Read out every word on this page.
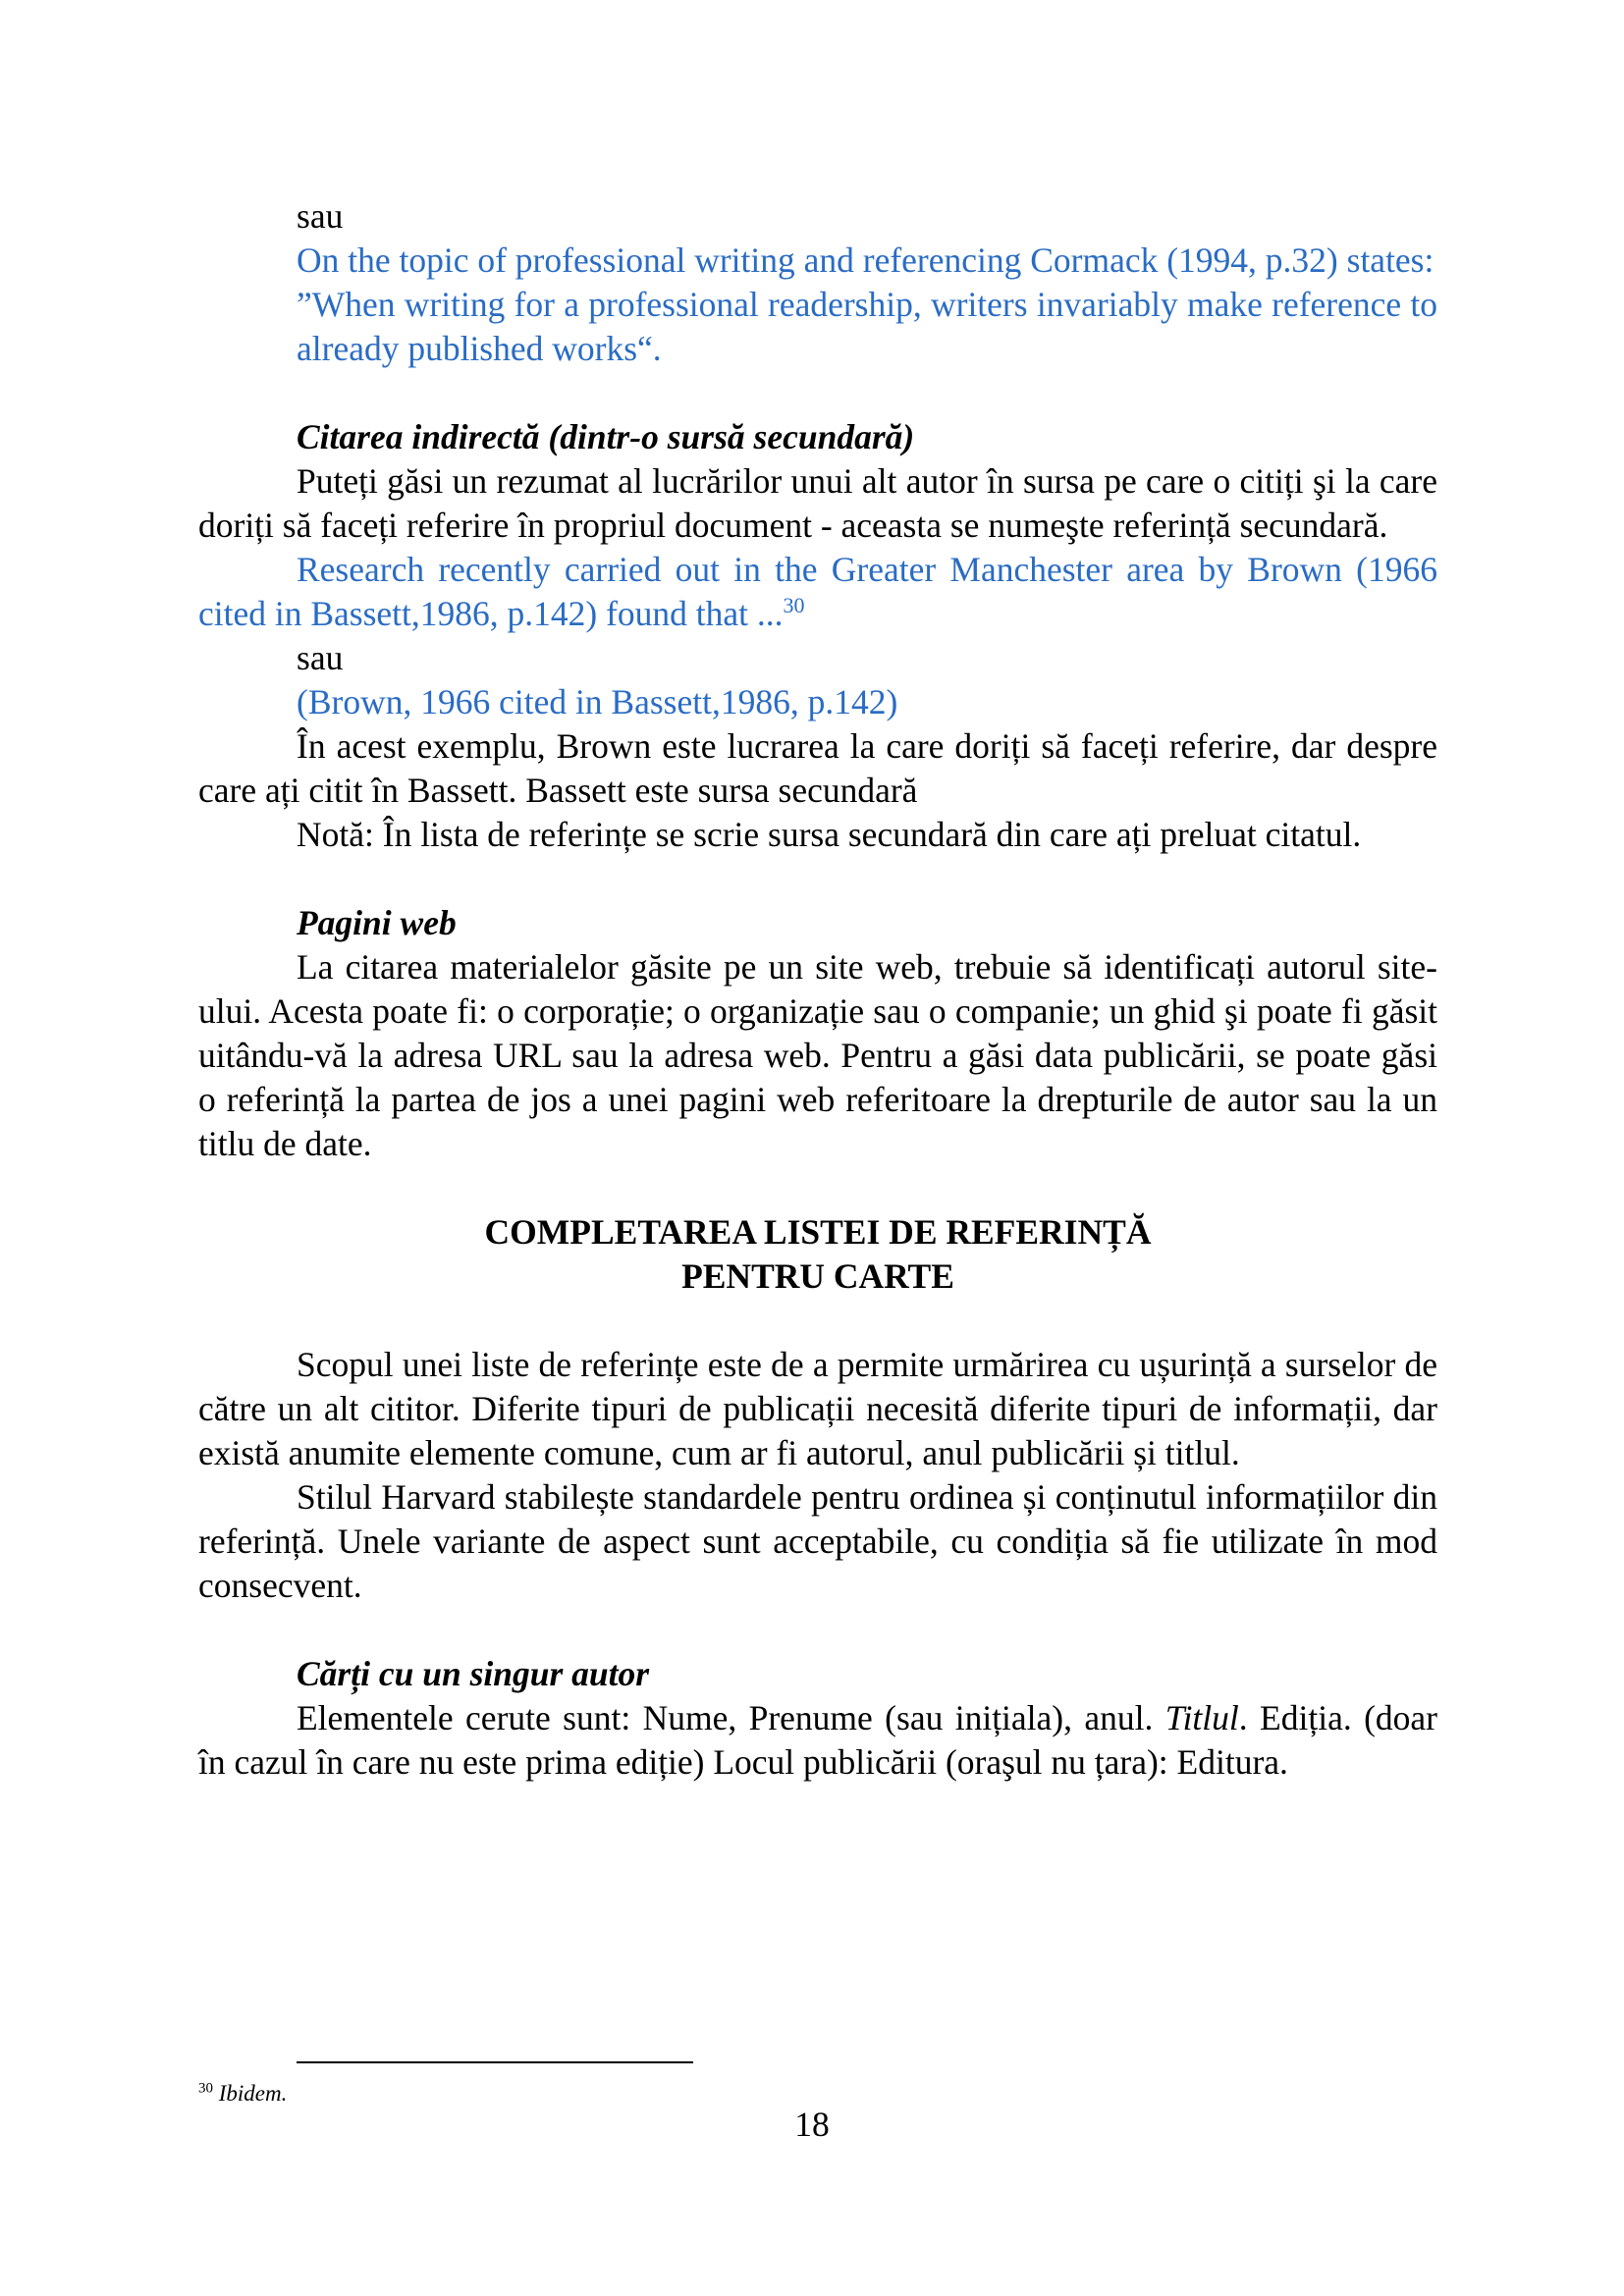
sau

On the topic of professional writing and referencing Cormack (1994, p.32) states:

”When writing for a professional readership, writers invariably make reference to already published works“.

Citarea indirectă (dintr-o sursă secundară)

Puteți găsi un rezumat al lucrărilor unui alt autor în sursa pe care o citiți şi la care doriți să faceți referire în propriul document - aceasta se numeşte referință secundară.

Research recently carried out in the Greater Manchester area by Brown (1966 cited in Bassett,1986, p.142) found that ...$^{30}$

sau

(Brown, 1966 cited in Bassett,1986, p.142)

În acest exemplu, Brown este lucrarea la care doriți să faceți referire, dar despre care ați citit în Bassett. Bassett este sursa secundară

Notă: În lista de referințe se scrie sursa secundară din care ați preluat citatul.

Pagini web

La citarea materialelor găsite pe un site web, trebuie să identificați autorul site-ului. Acesta poate fi: o corporație; o organizație sau o companie; un ghid şi poate fi găsit uitându-vă la adresa URL sau la adresa web. Pentru a găsi data publicării, se poate găsi o referință la partea de jos a unei pagini web referitoare la drepturile de autor sau la un titlu de date.

COMPLETAREA LISTEI DE REFERINȚĂ

PENTRU CARTE

Scopul unei liste de referințe este de a permite urmărirea cu ușurință a surselor de către un alt cititor. Diferite tipuri de publicații necesită diferite tipuri de informații, dar există anumite elemente comune, cum ar fi autorul, anul publicării și titlul.

Stilul Harvard stabilește standardele pentru ordinea și conținutul informațiilor din referință. Unele variante de aspect sunt acceptabile, cu condiția să fie utilizate în mod consecvent.

Cărți cu un singur autor

Elementele cerute sunt: Nume, Prenume (sau inițiala), anul. Titlul. Ediția. (doar în cazul în care nu este prima ediție) Locul publicării (oraşul nu țara): Editura.

$^{30}$ Ibidem.
18
